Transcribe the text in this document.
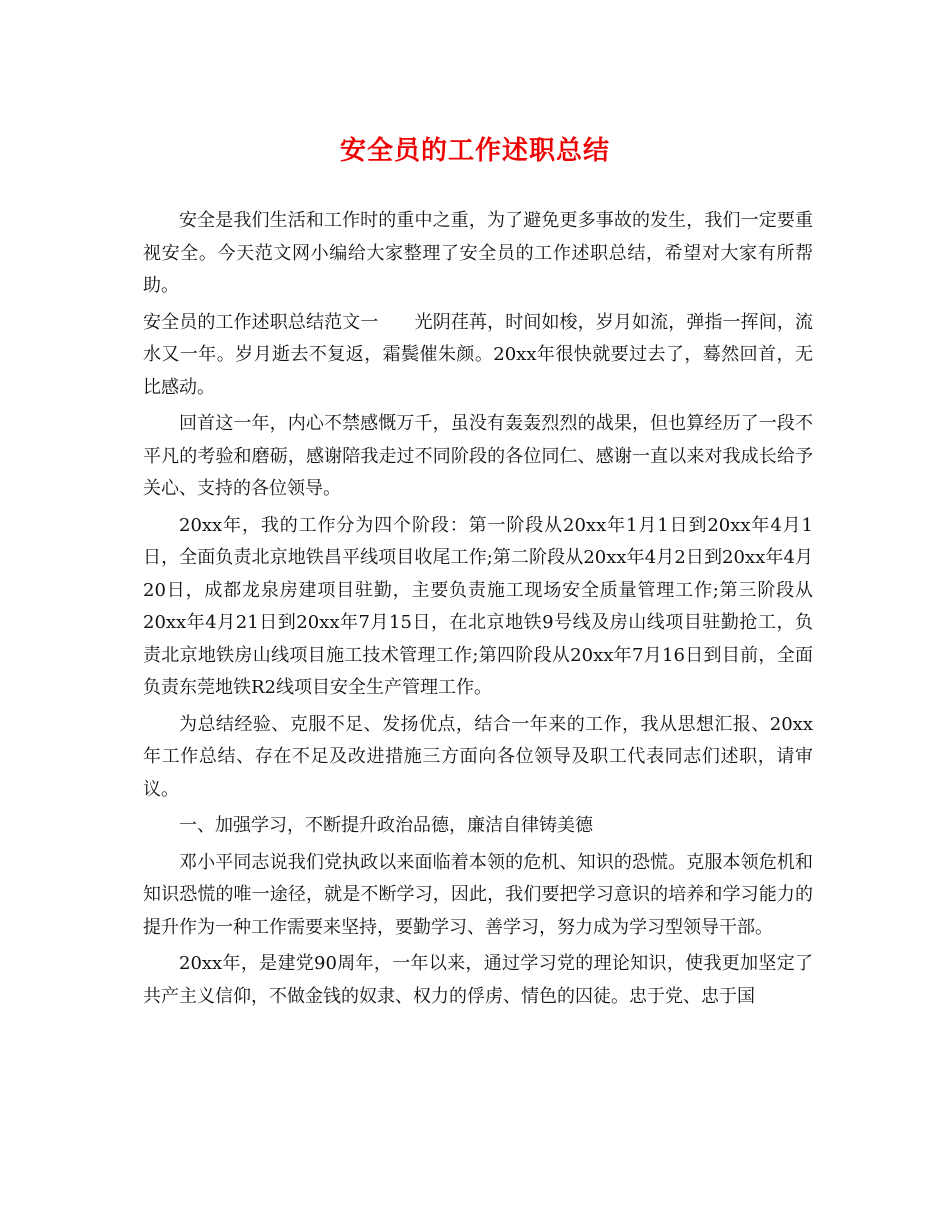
安全员的工作述职总结

安全是我们生活和工作时的重中之重，为了避免更多事故的发生，我们一定要重视安全。今天范文网小编给大家整理了安全员的工作述职总结，希望对大家有所帮助。

安全员的工作述职总结范文一　　光阴荏苒，时间如梭，岁月如流，弹指一挥间，流水又一年。岁月逝去不复返，霜鬓催朱颜。20xx年很快就要过去了，蓦然回首，无比感动。

回首这一年，内心不禁感慨万千，虽没有轰轰烈烈的战果，但也算经历了一段不平凡的考验和磨砺，感谢陪我走过不同阶段的各位同仁、感谢一直以来对我成长给予关心、支持的各位领导。

20xx年，我的工作分为四个阶段：第一阶段从20xx年1月1日到20xx年4月1日，全面负责北京地铁昌平线项目收尾工作;第二阶段从20xx年4月2日到20xx年4月20日，成都龙泉房建项目驻勤，主要负责施工现场安全质量管理工作;第三阶段从20xx年4月21日到20xx年7月15日，在北京地铁9号线及房山线项目驻勤抢工，负责北京地铁房山线项目施工技术管理工作;第四阶段从20xx年7月16日到目前，全面负责东莞地铁R2线项目安全生产管理工作。

为总结经验、克服不足、发扬优点，结合一年来的工作，我从思想汇报、20xx年工作总结、存在不足及改进措施三方面向各位领导及职工代表同志们述职，请审议。

一、加强学习，不断提升政治品德，廉洁自律铸美德

邓小平同志说我们党执政以来面临着本领的危机、知识的恐慌。克服本领危机和知识恐慌的唯一途径，就是不断学习，因此，我们要把学习意识的培养和学习能力的提升作为一种工作需要来坚持，要勤学习、善学习，努力成为学习型领导干部。

20xx年，是建党90周年，一年以来，通过学习党的理论知识，使我更加坚定了共产主义信仰，不做金钱的奴隶、权力的俘虏、情色的囚徒。忠于党、忠于国
